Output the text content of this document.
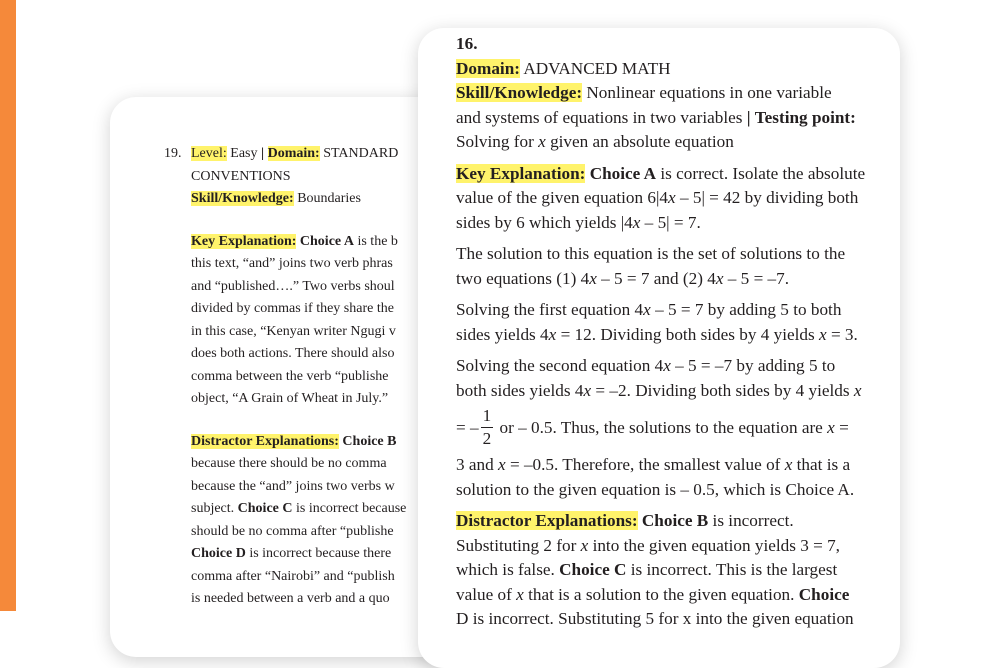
19. Level: Easy | Domain: STANDARD
CONVENTIONS
Skill/Knowledge: Boundaries
Key Explanation: Choice A is the b
this text, “and” joins two verb phras
and “published….” Two verbs shoul
divided by commas if they share the
in this case, “Kenyan writer Ngugi v
does both actions. There should also
comma between the verb “publishe
object, “A Grain of Wheat in July.”
Distractor Explanations: Choice B
because there should be no comma
because the “and” joins two verbs w
subject. Choice C is incorrect because
should be no comma after “publishe
Choice D is incorrect because there
comma after “Nairobi” and “publish
is needed between a verb and a quo
16.
Domain: ADVANCED MATH
Skill/Knowledge: Nonlinear equations in one variable
and systems of equations in two variables | Testing point:
Solving for x given an absolute equation
Key Explanation: Choice A is correct. Isolate the absolute
value of the given equation 6|4x – 5| = 42 by dividing both
sides by 6 which yields |4x – 5| = 7.
The solution to this equation is the set of solutions to the
two equations (1) 4x – 5 = 7 and (2) 4x – 5 = –7.
Solving the first equation 4x – 5 = 7 by adding 5 to both
sides yields 4x = 12. Dividing both sides by 4 yields x = 3.
Solving the second equation 4x – 5 = –7 by adding 5 to
both sides yields 4x = –2. Dividing both sides by 4 yields x
= – $\frac{1}{2}$ or – 0.5. Thus, the solutions to the equation are x =
3 and x = –0.5. Therefore, the smallest value of x that is a
solution to the given equation is – 0.5, which is Choice A.
Distractor Explanations: Choice B is incorrect.
Substituting 2 for x into the given equation yields 3 = 7,
which is false. Choice C is incorrect. This is the largest
value of x that is a solution to the given equation. Choice
D is incorrect. Substituting 5 for x into the given equation
